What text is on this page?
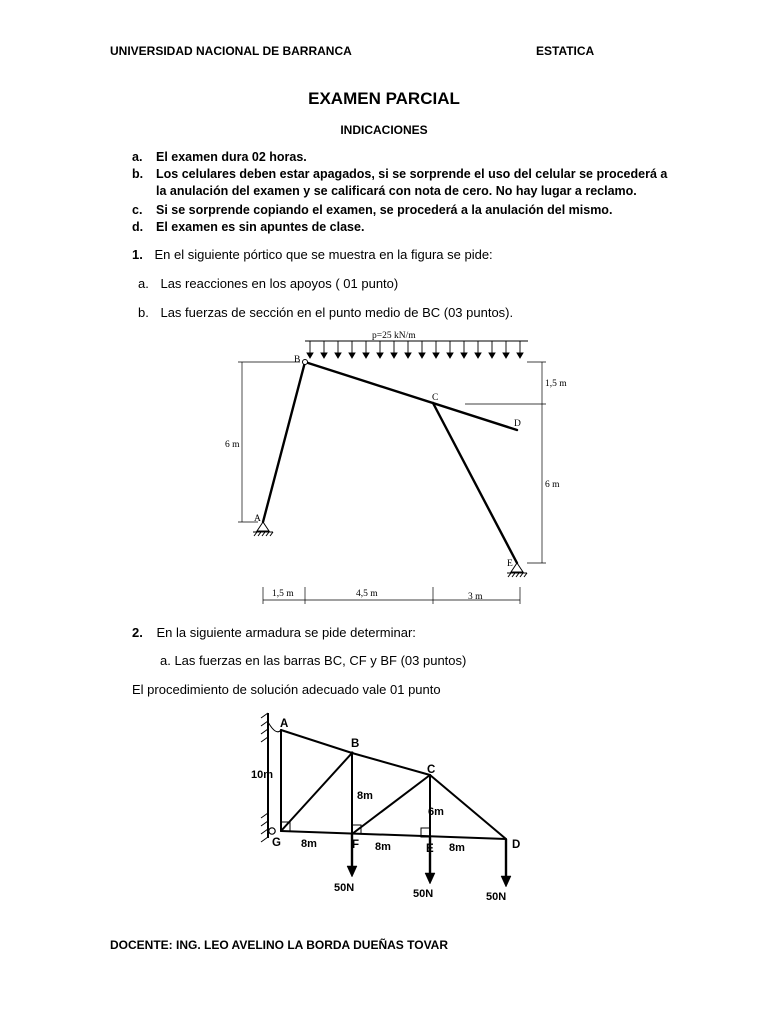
UNIVERSIDAD NACIONAL DE BARRANCA	ESTATICA
EXAMEN PARCIAL
INDICACIONES
a. El examen dura 02 horas.
b. Los celulares deben estar apagados, si se sorprende el uso del celular se procederá a
la anulación del examen y se calificará con nota de cero. No hay lugar a reclamo.
c. Si se sorprende copiando el examen, se procederá a la anulación del mismo.
d. El examen es sin apuntes de clase.
1. En el siguiente pórtico que se muestra en la figura se pide:
a. Las reacciones en los apoyos ( 01 punto)
b. Las fuerzas de sección en el punto medio de BC (03 puntos).
p=25 kN/m
B
C
D
A
E
6 m
1,5 m
6 m
1,5 m	4,5 m	3 m
2. En la siguiente armadura se pide determinar:
a. Las fuerzas en las barras BC, CF y BF (03 puntos)
El procedimiento de solución adecuado vale 01 punto
A
B
C
D
E
F
G
10m
8m
6m
8m	8m	8m
50N	50N	50N
DOCENTE: ING. LEO AVELINO LA BORDA DUEÑAS TOVAR
